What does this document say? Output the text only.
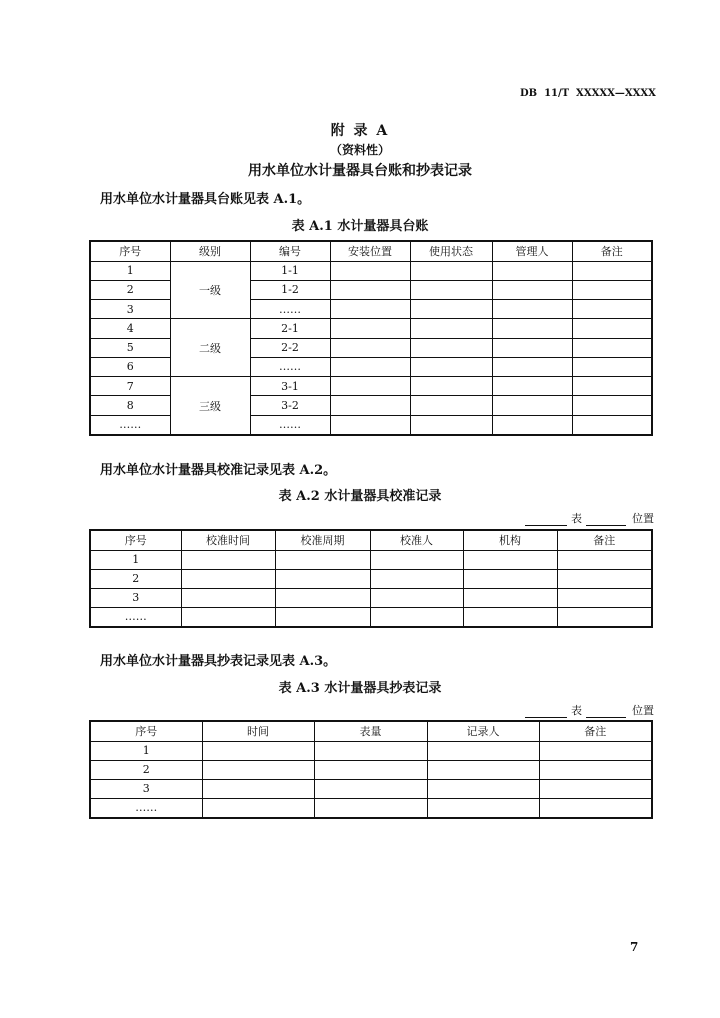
DB  11/T  XXXXX—XXXX
附 录 A
（资料性）
用水单位水计量器具台账和抄表记录
用水单位水计量器具台账见表 A.1。
表 A.1 水计量器具台账
序号	级别	编号	安装位置	使用状态	管理人	备注
1	一级	1-1				
2		1-2				
3		……				
4	二级	2-1				
5		2-2				
6		……				
7	三级	3-1				
8		3-2				
……		……				
用水单位水计量器具校准记录见表 A.2。
表 A.2 水计量器具校准记录
表	位置
序号	校准时间	校准周期	校准人	机构	备注
1					
2					
3					
……					
用水单位水计量器具抄表记录见表 A.3。
表 A.3 水计量器具抄表记录
表	位置
序号	时间	表量	记录人	备注
1				
2				
3				
……				
7
